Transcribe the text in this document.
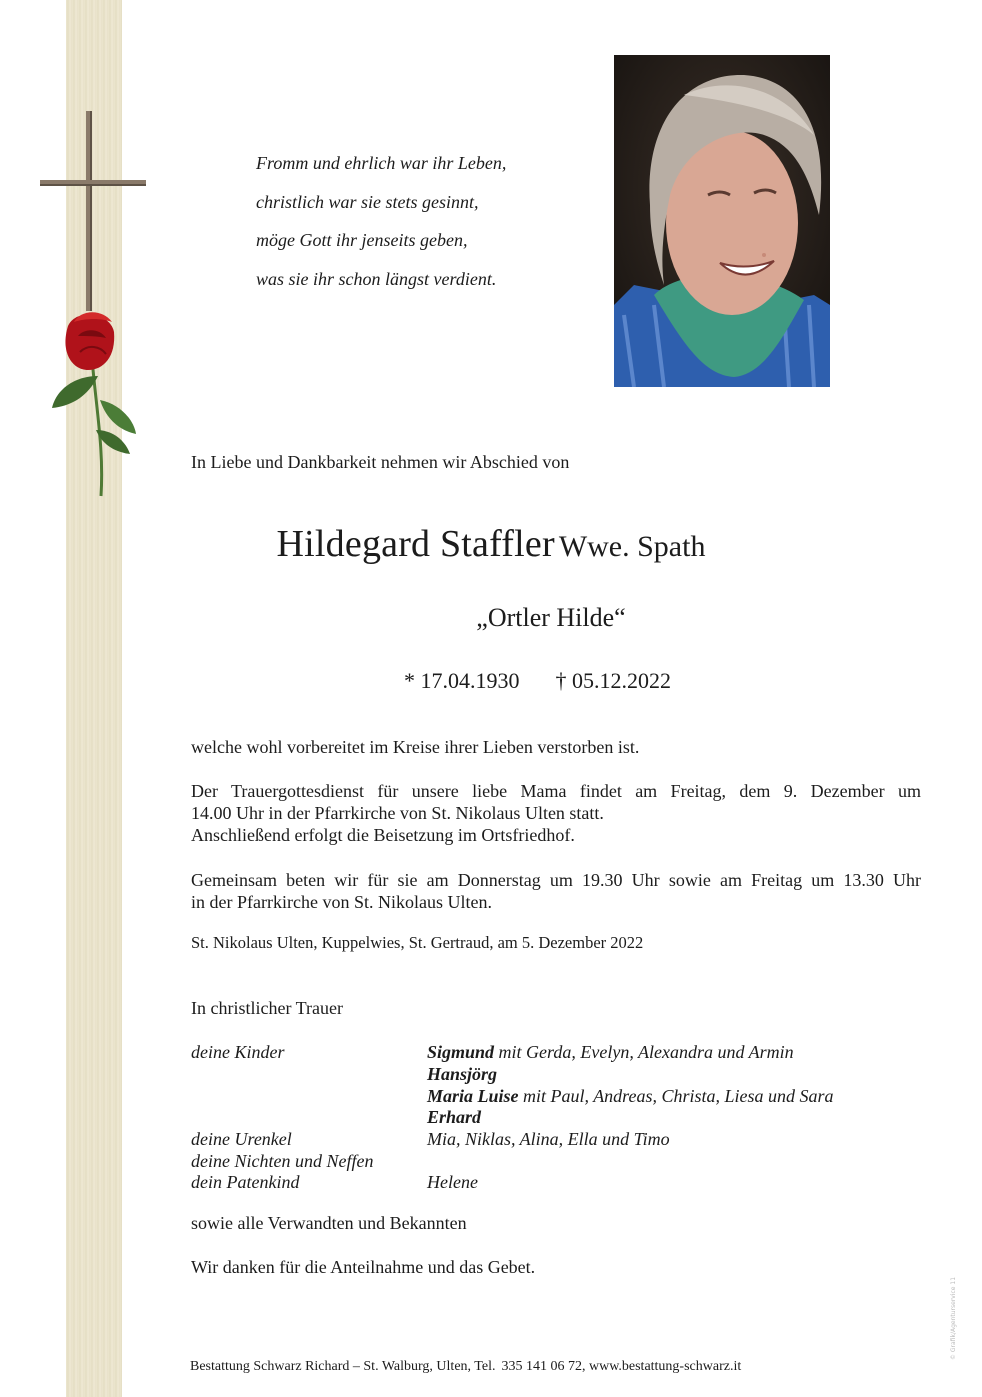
Fromm und ehrlich war ihr Leben,
christlich war sie stets gesinnt,
möge Gott ihr jenseits geben,
was sie ihr schon längst verdient.

In Liebe und Dankbarkeit nehmen wir Abschied von

Hildegard Staffler Wwe. Spath

„Ortler Hilde“

* 17.04.1930 † 05.12.2022

welche wohl vorbereitet im Kreise ihrer Lieben verstorben ist.

Der Trauergottesdienst für unsere liebe Mama findet am Freitag, dem 9. Dezember um
14.00 Uhr in der Pfarrkirche von St. Nikolaus Ulten statt.
Anschließend erfolgt die Beisetzung im Ortsfriedhof.

Gemeinsam beten wir für sie am Donnerstag um 19.30 Uhr sowie am Freitag um 13.30 Uhr
in der Pfarrkirche von St. Nikolaus Ulten.

St. Nikolaus Ulten, Kuppelwies, St. Gertraud, am 5. Dezember 2022

In christlicher Trauer

deine Kinder	Sigmund mit Gerda, Evelyn, Alexandra und Armin
Hansjörg
Maria Luise mit Paul, Andreas, Christa, Liesa und Sara
Erhard
deine Urenkel	Mia, Niklas, Alina, Ella und Timo
deine Nichten und Neffen
dein Patenkind	Helene

sowie alle Verwandten und Bekannten

Wir danken für die Anteilnahme und das Gebet.

Bestattung Schwarz Richard – St. Walburg, Ulten, Tel. 335 141 06 72, www.bestattung-schwarz.it

© Grafik/Agenturservice 11
